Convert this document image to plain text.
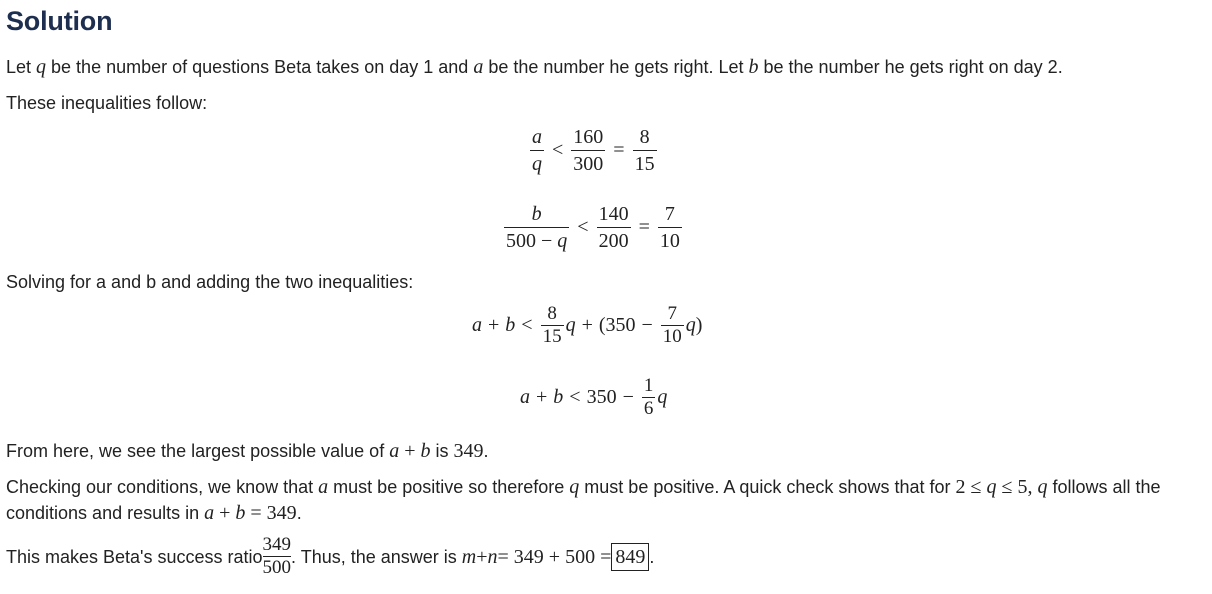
Solution
Let q be the number of questions Beta takes on day 1 and a be the number he gets right. Let b be the number he gets right on day 2.
These inequalities follow:
$\frac{a}{q} < \frac{160}{300} = \frac{8}{15}$
$\frac{b}{500 - q} < \frac{140}{200} = \frac{7}{10}$
Solving for a and b and adding the two inequalities:
$a + b < \frac{8}{15}$ $q + (350 - \frac{7}{10}$ q )
$a + b < 350 - \frac{1}{6}$ q
From here, we see the largest possible value of a + b is 349.
Checking our conditions, we know that a must be positive so therefore q must be positive. A quick check shows that for 2 ≤ q ≤ 5, q follows all the conditions and results in a + b = 349.
This makes Beta's success ratio $\frac{349}{500}$ . Thus, the answer is
m + n = 349 + 500 = 849 .
